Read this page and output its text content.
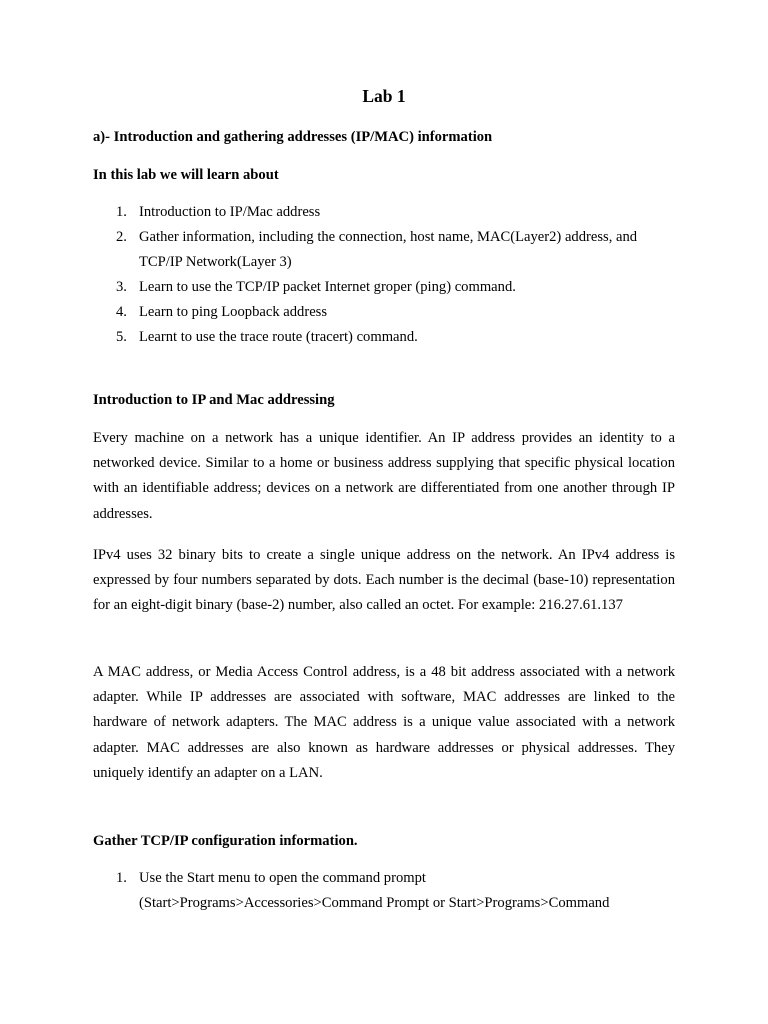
Lab 1

a)- Introduction and gathering addresses (IP/MAC) information

In this lab we will learn about

1. Introduction to IP/Mac address
2. Gather information, including the connection, host name, MAC(Layer2) address, and
TCP/IP Network(Layer 3)
3. Learn to use the TCP/IP packet Internet groper (ping) command.
4. Learn to ping Loopback address
5. Learnt to use the trace route (tracert) command.

Introduction to IP and Mac addressing

Every machine on a network has a unique identifier. An IP address provides an identity to a networked device. Similar to a home or business address supplying that specific physical location with an identifiable address; devices on a network are differentiated from one another through IP addresses.

IPv4 uses 32 binary bits to create a single unique address on the network. An IPv4 address is expressed by four numbers separated by dots. Each number is the decimal (base-10) representation for an eight-digit binary (base-2) number, also called an octet. For example: 216.27.61.137

A MAC address, or Media Access Control address, is a 48 bit address associated with a network adapter. While IP addresses are associated with software, MAC addresses are linked to the hardware of network adapters. The MAC address is a unique value associated with a network adapter. MAC addresses are also known as hardware addresses or physical addresses. They uniquely identify an adapter on a LAN.

Gather TCP/IP configuration information.

1. Use the Start menu to open the command prompt
(Start>Programs>Accessories>Command Prompt or Start>Programs>Command
